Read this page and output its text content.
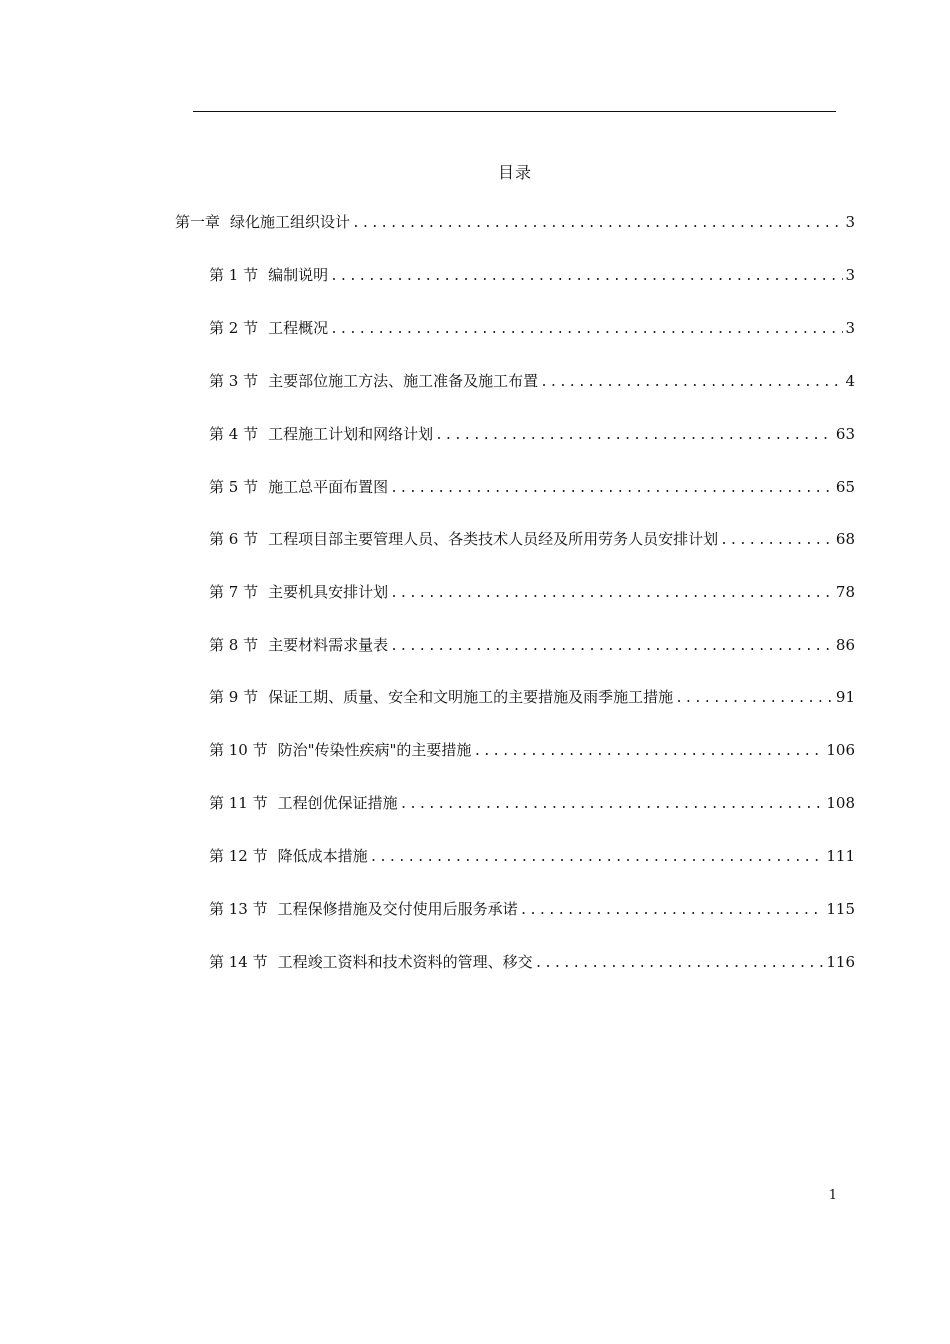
目录
第一章 绿化施工组织设计 .....	3
第 1 节 编制说明 .....	3
第 2 节 工程概况 .....	3
第 3 节 主要部位施工方法、施工准备及施工布置 .....	4
第 4 节 工程施工计划和网络计划 .....	63
第 5 节 施工总平面布置图 .....	65
第 6 节 工程项目部主要管理人员、各类技术人员经及所用劳务人员安排计划 .....	68
第 7 节 主要机具安排计划 .....	78
第 8 节 主要材料需求量表 .....	86
第 9 节 保证工期、质量、安全和文明施工的主要措施及雨季施工措施 .....	91
第 10 节 防治"传染性疾病"的主要措施 .....	106
第 11 节 工程创优保证措施 .....	108
第 12 节 降低成本措施 .....	111
第 13 节 工程保修措施及交付使用后服务承诺 .....	115
第 14 节 工程竣工资料和技术资料的管理、移交 .....	116
1
